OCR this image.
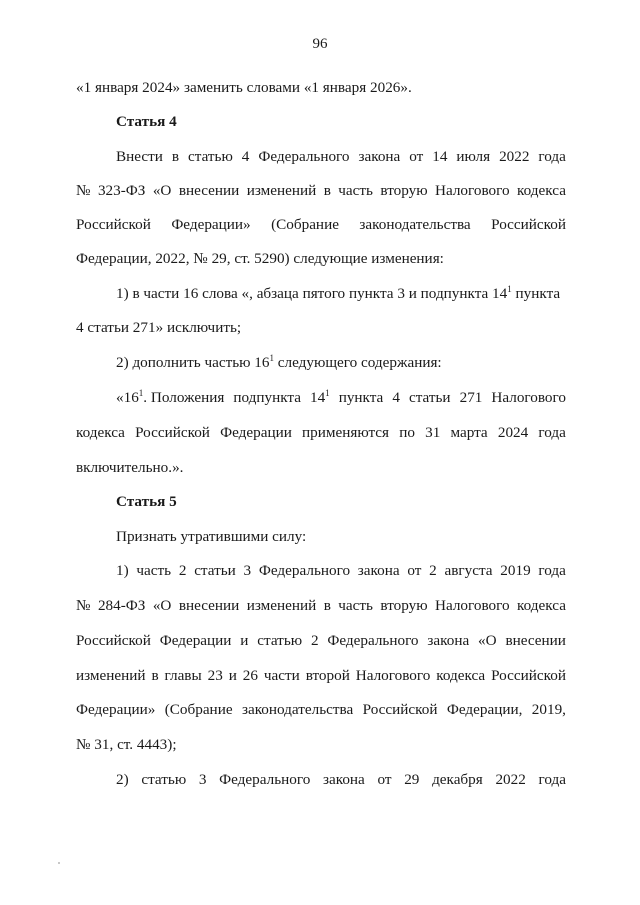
96
«1 января 2024» заменить словами «1 января 2026».
Статья 4
Внести в статью 4 Федерального закона от 14 июля 2022 года
№ 323-ФЗ «О внесении изменений в часть вторую Налогового кодекса
Российской Федерации» (Собрание законодательства Российской
Федерации, 2022, № 29, ст. 5290) следующие изменения:
1) в части 16 слова «, абзаца пятого пункта 3 и подпункта $14^1$ пункта
4 статьи 271» исключить;
2) дополнить частью $16^1$ следующего содержания:
«$16^1$. Положения подпункта $14^1$ пункта 4 статьи 271 Налогового
кодекса Российской Федерации применяются по 31 марта 2024 года
включительно.».
Статья 5
Признать утратившими силу:
1) часть 2 статьи 3 Федерального закона от 2 августа 2019 года
№ 284-ФЗ «О внесении изменений в часть вторую Налогового кодекса
Российской Федерации и статью 2 Федерального закона «О внесении
изменений в главы 23 и 26 части второй Налогового кодекса Российской
Федерации» (Собрание законодательства Российской Федерации, 2019,
№ 31, ст. 4443);
2) статью 3 Федерального закона от 29 декабря 2022 года
